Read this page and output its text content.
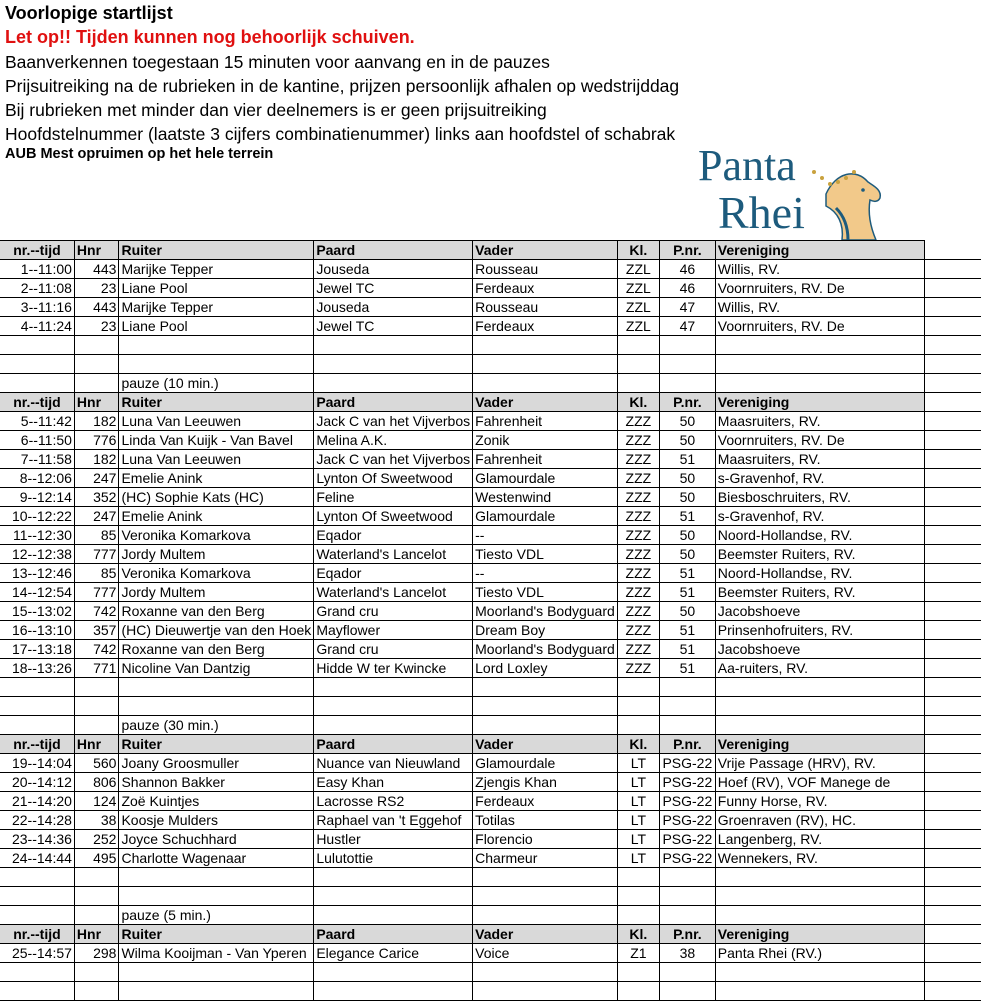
Voorlopige startlijst
Let op!! Tijden kunnen nog behoorlijk schuiven.
Baanverkennen toegestaan 15 minuten voor aanvang en in de pauzes
Prijsuitreiking na de rubrieken in de kantine, prijzen persoonlijk afhalen op wedstrijddag
Bij rubrieken met minder dan vier deelnemers is er geen prijsuitreiking
Hoofdstelnummer (laatste 3 cijfers combinatienummer) links aan hoofdstel of schabrak
AUB Mest opruimen op het hele terrein	Panta
Rhei
nr.--tijd	Hnr	Ruiter	Paard	Vader	Kl.	P.nr.	Vereniging	
1--11:00	443	Marijke Tepper	Jouseda	Rousseau	ZZL	46	Willis, RV.	
2--11:08	23	Liane Pool	Jewel TC	Ferdeaux	ZZL	46	Voornruiters, RV. De	
3--11:16	443	Marijke Tepper	Jouseda	Rousseau	ZZL	47	Willis, RV.	
4--11:24	23	Liane Pool	Jewel TC	Ferdeaux	ZZL	47	Voornruiters, RV. De	

		pauze (10 min.)						
nr.--tijd	Hnr	Ruiter	Paard	Vader	Kl.	P.nr.	Vereniging	
5--11:42	182	Luna Van Leeuwen	Jack C van het Vijverbos	Fahrenheit	ZZZ	50	Maasruiters, RV.	
6--11:50	776	Linda Van Kuijk - Van Bavel	Melina A.K.	Zonik	ZZZ	50	Voornruiters, RV. De	
7--11:58	182	Luna Van Leeuwen	Jack C van het Vijverbos	Fahrenheit	ZZZ	51	Maasruiters, RV.	
8--12:06	247	Emelie Anink	Lynton Of Sweetwood	Glamourdale	ZZZ	50	s-Gravenhof, RV.	
9--12:14	352	(HC) Sophie Kats (HC)	Feline	Westenwind	ZZZ	50	Biesboschruiters, RV.	
10--12:22	247	Emelie Anink	Lynton Of Sweetwood	Glamourdale	ZZZ	51	s-Gravenhof, RV.	
11--12:30	85	Veronika Komarkova	Eqador	--	ZZZ	50	Noord-Hollandse, RV.	
12--12:38	777	Jordy Multem	Waterland's Lancelot	Tiesto VDL	ZZZ	50	Beemster Ruiters, RV.	
13--12:46	85	Veronika Komarkova	Eqador	--	ZZZ	51	Noord-Hollandse, RV.	
14--12:54	777	Jordy Multem	Waterland's Lancelot	Tiesto VDL	ZZZ	51	Beemster Ruiters, RV.	
15--13:02	742	Roxanne van den Berg	Grand cru	Moorland's Bodyguard	ZZZ	50	Jacobshoeve	
16--13:10	357	(HC) Dieuwertje van den Hoek	Mayflower	Dream Boy	ZZZ	51	Prinsenhofruiters, RV.	
17--13:18	742	Roxanne van den Berg	Grand cru	Moorland's Bodyguard	ZZZ	51	Jacobshoeve	
18--13:26	771	Nicoline Van Dantzig	Hidde W ter Kwincke	Lord Loxley	ZZZ	51	Aa-ruiters, RV.	

		pauze (30 min.)						
nr.--tijd	Hnr	Ruiter	Paard	Vader	Kl.	P.nr.	Vereniging	
19--14:04	560	Joany Groosmuller	Nuance van Nieuwland	Glamourdale	LT	PSG-22	Vrije Passage (HRV), RV.	
20--14:12	806	Shannon Bakker	Easy Khan	Zjengis Khan	LT	PSG-22	Hoef (RV), VOF Manege de	
21--14:20	124	Zoë Kuintjes	Lacrosse RS2	Ferdeaux	LT	PSG-22	Funny Horse, RV.	
22--14:28	38	Koosje Mulders	Raphael van 't Eggehof	Totilas	LT	PSG-22	Groenraven (RV), HC.	
23--14:36	252	Joyce Schuchhard	Hustler	Florencio	LT	PSG-22	Langenberg, RV.	
24--14:44	495	Charlotte Wagenaar	Lulutottie	Charmeur	LT	PSG-22	Wennekers, RV.	

		pauze (5 min.)						
nr.--tijd	Hnr	Ruiter	Paard	Vader	Kl.	P.nr.	Vereniging	
25--14:57	298	Wilma Kooijman - Van Yperen	Elegance Carice	Voice	Z1	38	Panta Rhei (RV.)	
